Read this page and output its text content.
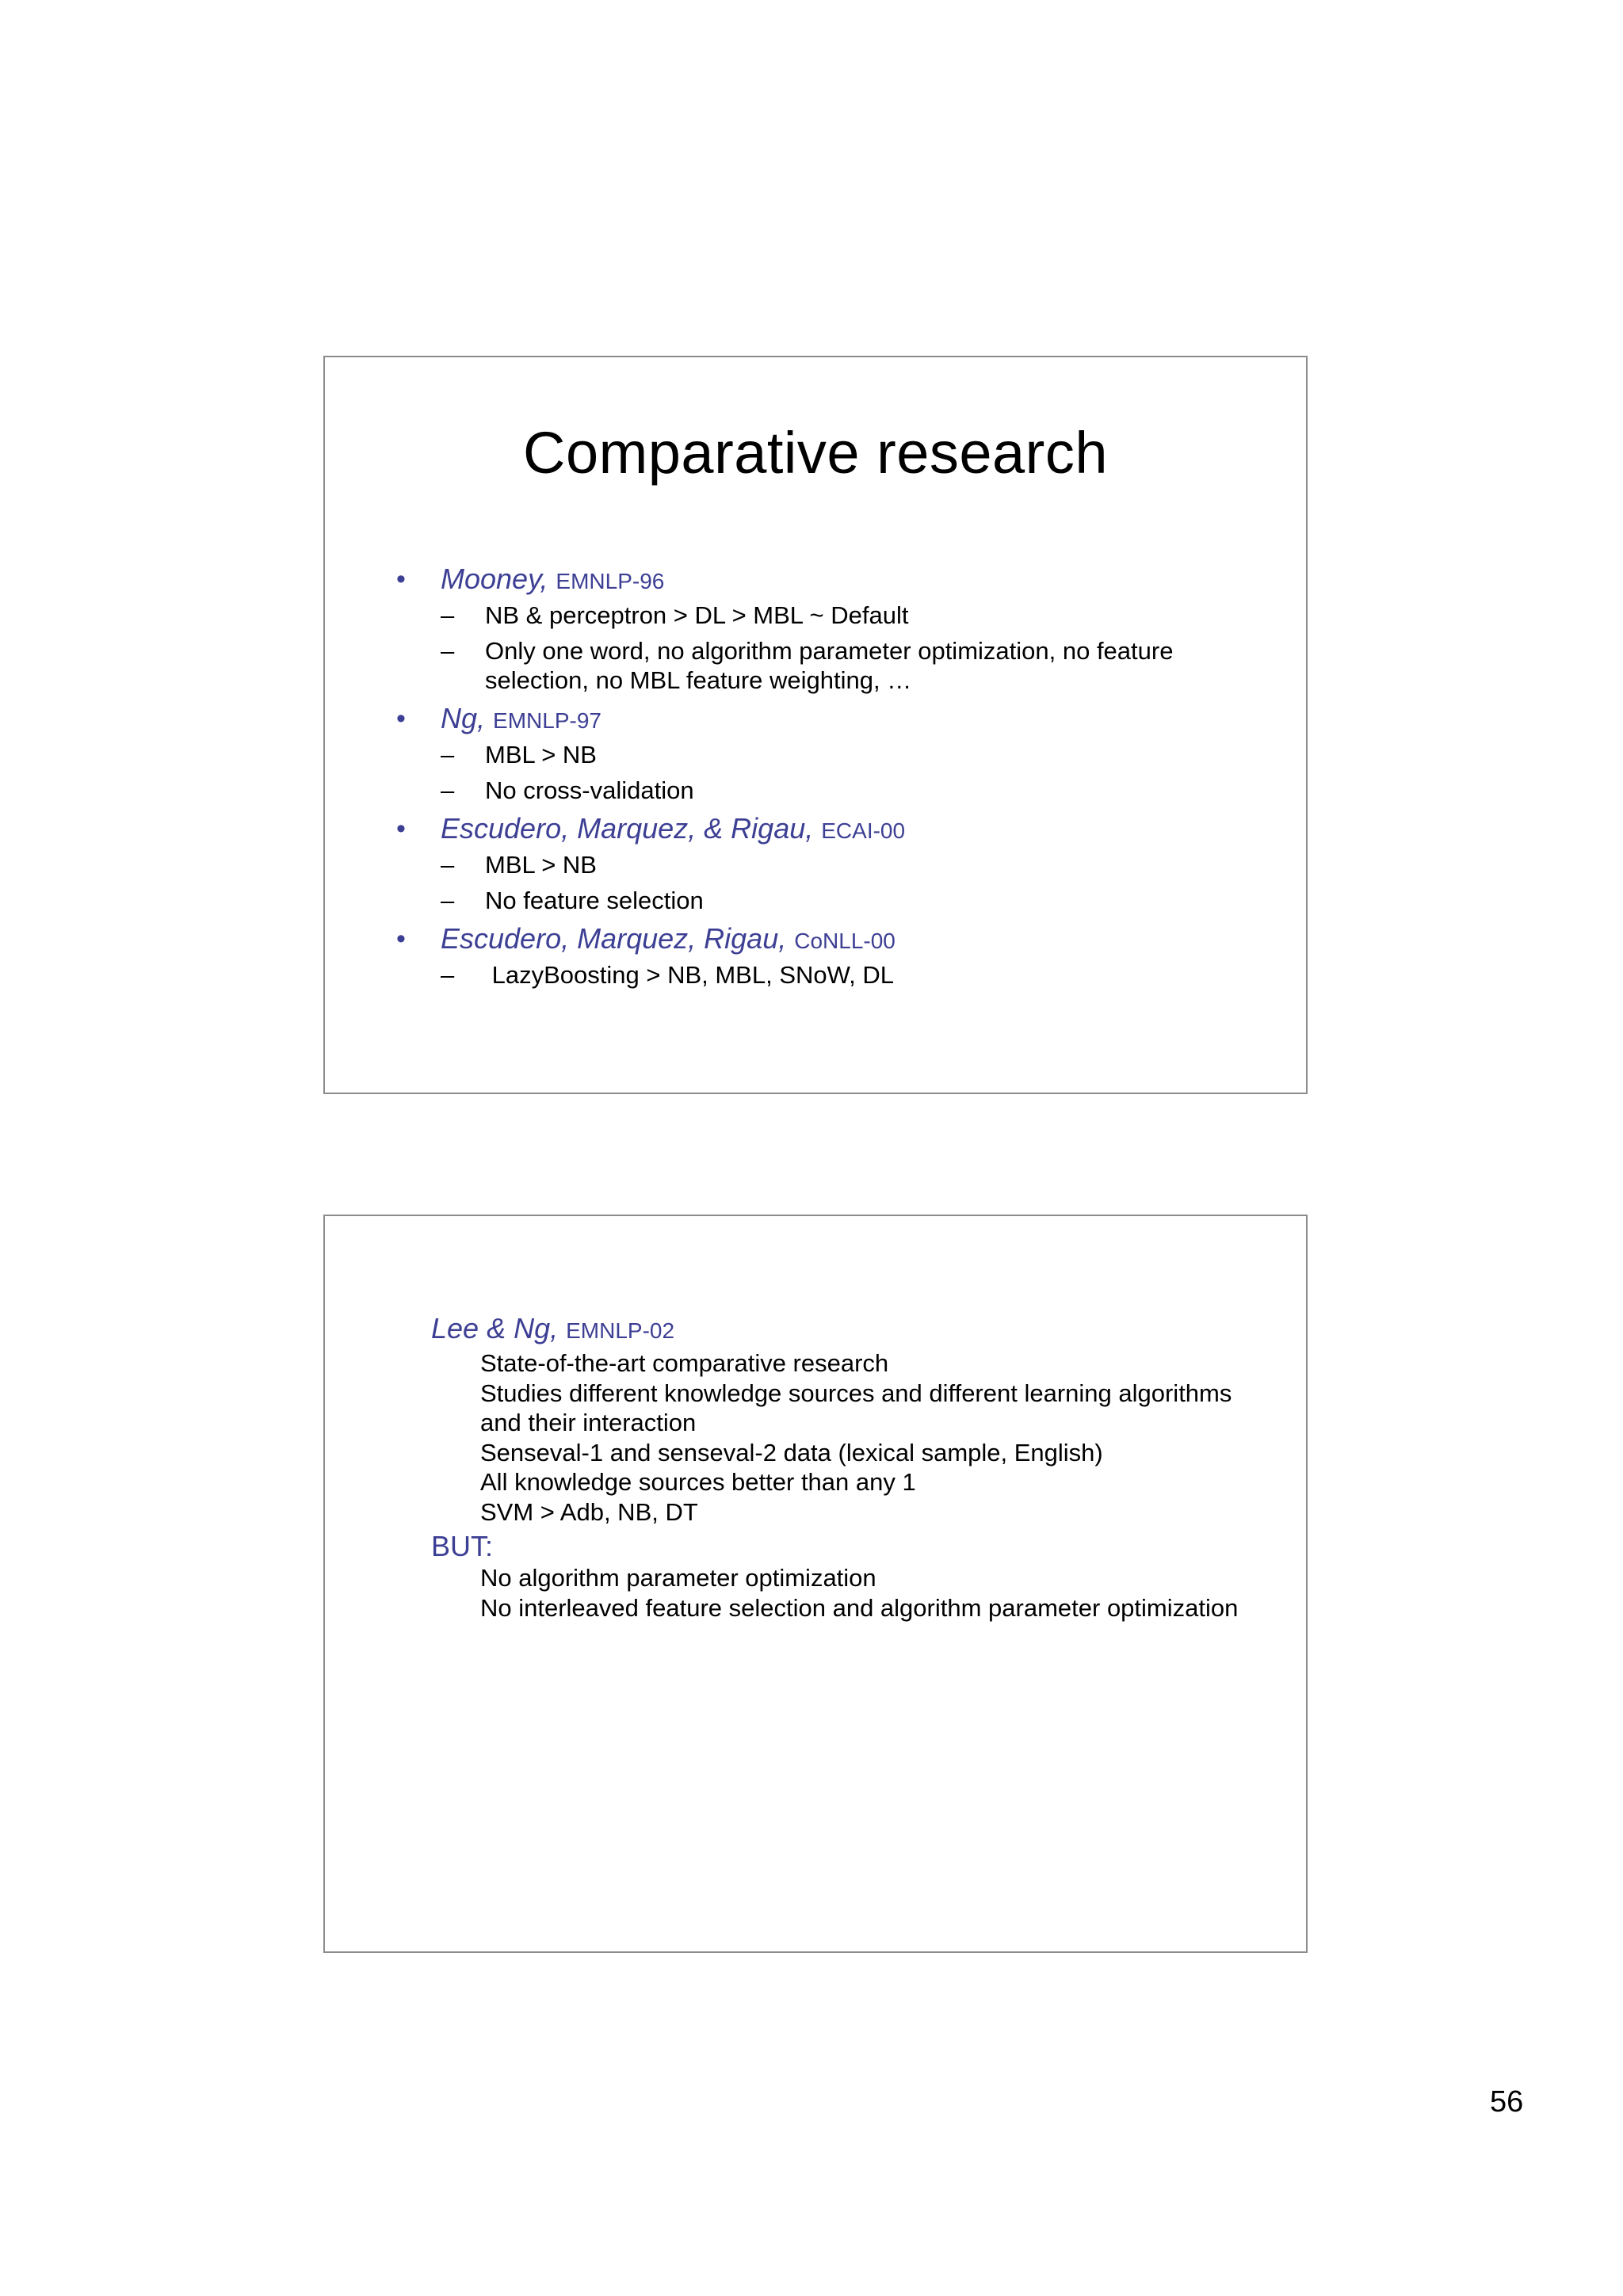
Comparative research
• Mooney, EMNLP-96
– NB & perceptron > DL > MBL ~ Default
– Only one word, no algorithm parameter optimization, no feature selection, no MBL feature weighting, …
• Ng, EMNLP-97
– MBL > NB
– No cross-validation
• Escudero, Marquez, & Rigau, ECAI-00
– MBL > NB
– No feature selection
• Escudero, Marquez, Rigau, CoNLL-00
– LazyBoosting > NB, MBL, SNoW, DL
Lee & Ng, EMNLP-02
State-of-the-art comparative research
Studies different knowledge sources and different learning algorithms and their interaction
Senseval-1 and senseval-2 data (lexical sample, English)
All knowledge sources better than any 1
SVM > Adb, NB, DT
BUT:
No algorithm parameter optimization
No interleaved feature selection and algorithm parameter optimization
56
